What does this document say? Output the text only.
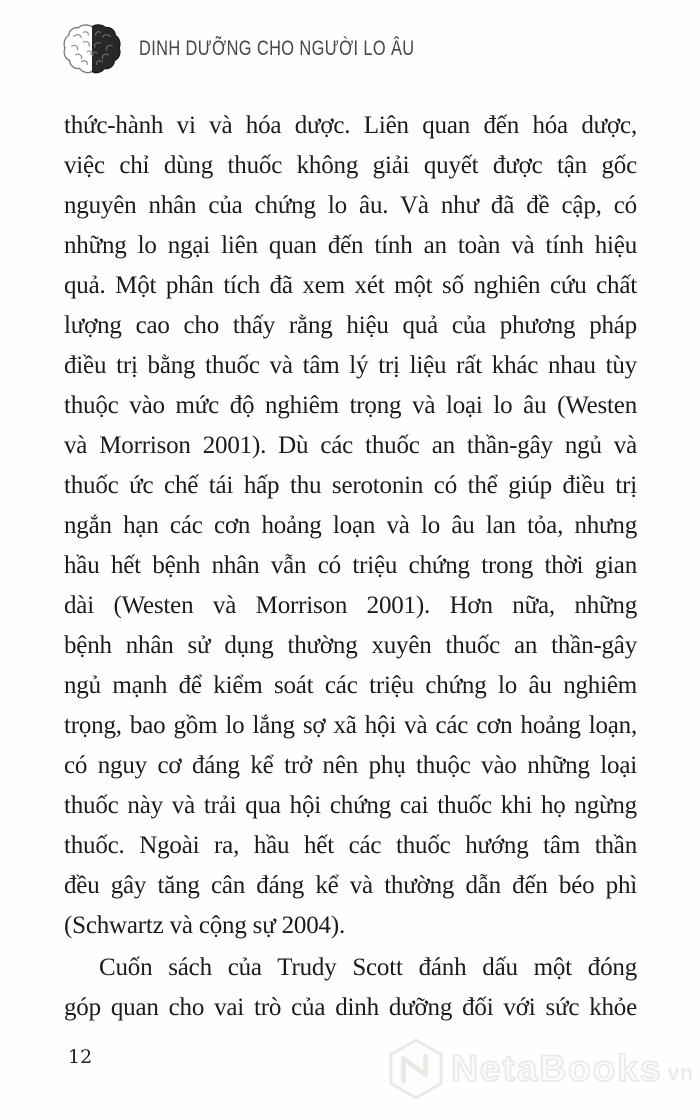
DINH DƯỠNG CHO NGƯỜI LO ÂU
thức-hành vi và hóa dược. Liên quan đến hóa dược,
việc chỉ dùng thuốc không giải quyết được tận gốc
nguyên nhân của chứng lo âu. Và như đã đề cập, có
những lo ngại liên quan đến tính an toàn và tính hiệu
quả. Một phân tích đã xem xét một số nghiên cứu chất
lượng cao cho thấy rằng hiệu quả của phương pháp
điều trị bằng thuốc và tâm lý trị liệu rất khác nhau tùy
thuộc vào mức độ nghiêm trọng và loại lo âu (Westen
và Morrison 2001). Dù các thuốc an thần-gây ngủ và
thuốc ức chế tái hấp thu serotonin có thể giúp điều trị
ngắn hạn các cơn hoảng loạn và lo âu lan tỏa, nhưng
hầu hết bệnh nhân vẫn có triệu chứng trong thời gian
dài (Westen và Morrison 2001). Hơn nữa, những
bệnh nhân sử dụng thường xuyên thuốc an thần-gây
ngủ mạnh để kiểm soát các triệu chứng lo âu nghiêm
trọng, bao gồm lo lắng sợ xã hội và các cơn hoảng loạn,
có nguy cơ đáng kể trở nên phụ thuộc vào những loại
thuốc này và trải qua hội chứng cai thuốc khi họ ngừng
thuốc. Ngoài ra, hầu hết các thuốc hướng tâm thần
đều gây tăng cân đáng kể và thường dẫn đến béo phì
(Schwartz và cộng sự 2004).
Cuốn sách của Trudy Scott đánh dấu một đóng
góp quan cho vai trò của dinh dưỡng đối với sức khỏe
12	NetaBooks vn
